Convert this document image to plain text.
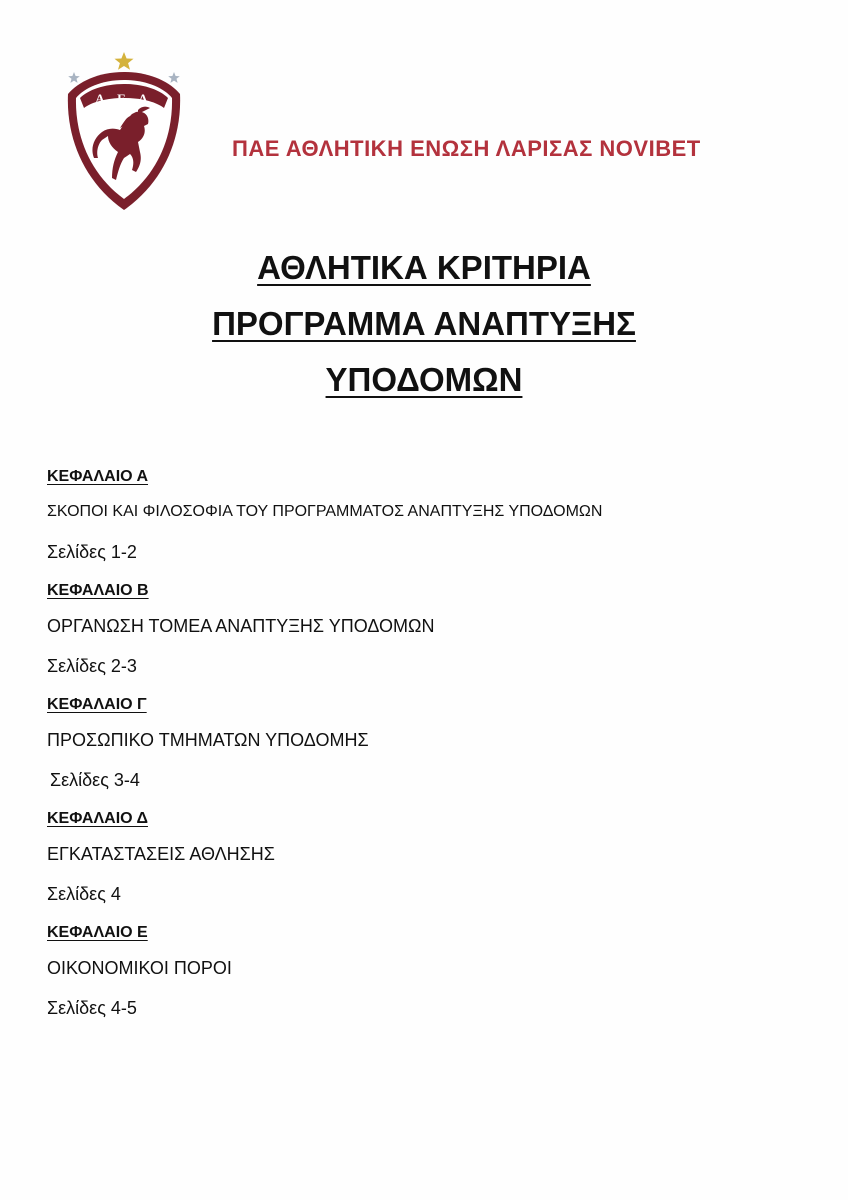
Α Ε Λ
ΠΑΕ ΑΘΛΗΤΙΚΗ ΕΝΩΣΗ ΛΑΡΙΣΑΣ NOVIBET
ΑΘΛΗΤΙΚΑ ΚΡΙΤΗΡΙΑ
ΠΡΟΓΡΑΜΜΑ ΑΝΑΠΤΥΞΗΣ
ΥΠΟΔΟΜΩΝ
ΚΕΦΑΛΑΙΟ Α
ΣΚΟΠΟΙ ΚΑΙ ΦΙΛΟΣΟΦΙΑ ΤΟΥ ΠΡΟΓΡΑΜΜΑΤΟΣ ΑΝΑΠΤΥΞΗΣ ΥΠΟΔΟΜΩΝ
Σελίδες 1-2
ΚΕΦΑΛΑΙΟ Β
ΟΡΓΑΝΩΣΗ ΤΟΜΕΑ ΑΝΑΠΤΥΞΗΣ ΥΠΟΔΟΜΩΝ
Σελίδες 2-3
ΚΕΦΑΛΑΙΟ Γ
ΠΡΟΣΩΠΙΚΟ ΤΜΗΜΑΤΩΝ ΥΠΟΔΟΜΗΣ
Σελίδες 3-4
ΚΕΦΑΛΑΙΟ Δ
ΕΓΚΑΤΑΣΤΑΣΕΙΣ ΑΘΛΗΣΗΣ
Σελίδες 4
ΚΕΦΑΛΑΙΟ Ε
ΟΙΚΟΝΟΜΙΚΟΙ ΠΟΡΟΙ
Σελίδες 4-5
